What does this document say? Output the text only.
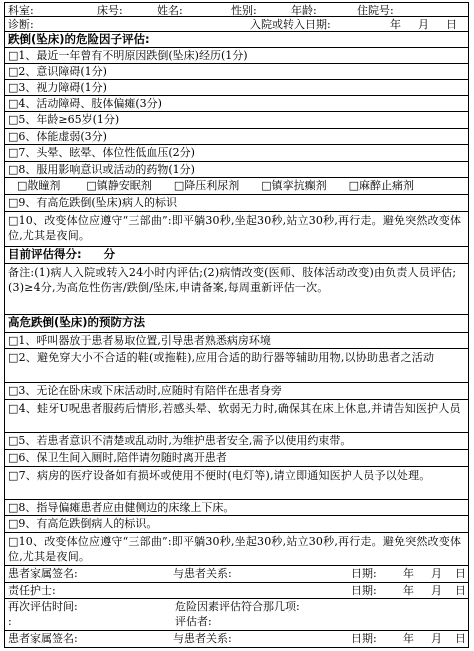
科室:	床号:	姓名:	性别:	年龄:	住院号:
诊断:	入院或转入日期:	年 月 日
跌倒(坠床)的危险因子评估:
□1、最近一年曾有不明原因跌倒(坠床)经历(1分)
□2、意识障碍(1分)
□3、视力障碍(1分)
□4、活动障碍、肢体偏瘫(3分)
□5、年龄≥65岁(1分)
□6、体能虚弱(3分)
□7、头晕、眩晕、体位性低血压(2分)
□8、服用影响意识或活动的药物(1分)
□散瞳剂 □镇静安眠剂 □降压利尿剂 □镇挛抗癫剂 □麻醉止痛剂
□9、有高危跌倒(坠床)病人的标识
□10、改变体位应遵守“三部曲”:即平躺30秒,坐起30秒,站立30秒,再行走。避免突然改变体位,尤其是夜间。
目前评估得分: 分
备注:(1)病人入院或转入24小时内评估;(2)病情改变(医师、肢体活动改变)由负责人员评估;(3)≥4分,为高危性伤害/跌倒/坠床,申请备案,每周重新评估一次。
高危跌倒(坠床)的预防方法
□1、呼叫器放于患者易取位置,引导患者熟悉病房环境
□2、避免穿大小不合适的鞋(或拖鞋),应用合适的助行器等辅助用物,以协助患者之活动
□3、无论在卧床或下床活动时,应随时有陪伴在患者身旁
□4、蛙牙U呪患者服药后情形,若感头晕、软弱无力时,确保其在床上休息,并请告知医护人员
□5、若患者意识不清楚或乱动时,为维护患者安全,需予以使用约束带。
□6、保卫生间入厕时,陪伴请勿随时离开患者
□7、病房的医疗设备如有损坏或使用不便时(电灯等),请立即通知医护人员予以处理。
□8、指导偏瘫患者应由健侧边的床缘上下床。
□9、有高危跌倒病人的标识。
□10、改变体位应遵守“三部曲”:即平躺30秒,坐起30秒,站立30秒,再行走。避免突然改变体位,尤其是夜间。
患者家属签名:	与患者关系:	日期: 年 月 日
责任护士:	日期: 年 月 日
再次评估时间:	危险因素评估符合那几项:
评估者:
:
患者家属签名:	与患者关系:	日期: 年 月 日
